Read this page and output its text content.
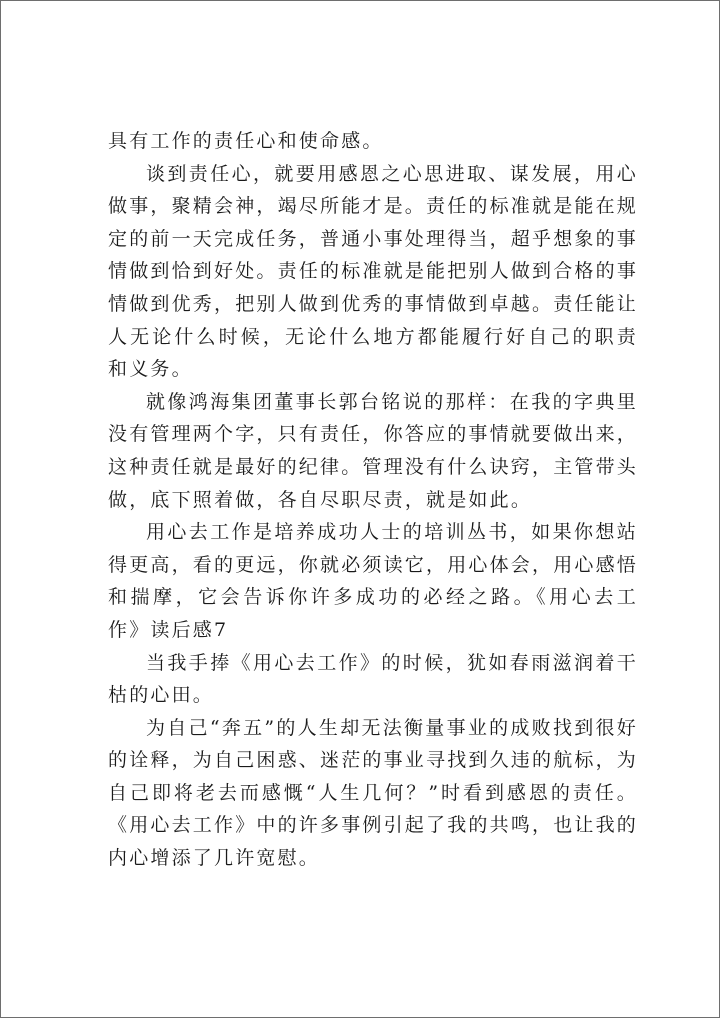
具有工作的责任心和使命感。

谈到责任心，就要用感恩之心思进取、谋发展，用心做事，聚精会神，竭尽所能才是。责任的标准就是能在规定的前一天完成任务，普通小事处理得当，超乎想象的事情做到恰到好处。责任的标准就是能把别人做到合格的事情做到优秀，把别人做到优秀的事情做到卓越。责任能让人无论什么时候，无论什么地方都能履行好自己的职责和义务。

就像鸿海集团董事长郭台铭说的那样：在我的字典里没有管理两个字，只有责任，你答应的事情就要做出来，这种责任就是最好的纪律。管理没有什么诀窍，主管带头做，底下照着做，各自尽职尽责，就是如此。

用心去工作是培养成功人士的培训丛书，如果你想站得更高，看的更远，你就必须读它，用心体会，用心感悟和揣摩，它会告诉你许多成功的必经之路。《用心去工作》读后感7

当我手捧《用心去工作》的时候，犹如春雨滋润着干枯的心田。

为自己“奔五”的人生却无法衡量事业的成败找到很好的诠释，为自己困惑、迷茫的事业寻找到久违的航标，为自己即将老去而感慨“人生几何？”时看到感恩的责任。《用心去工作》中的许多事例引起了我的共鸣，也让我的内心增添了几许宽慰。
